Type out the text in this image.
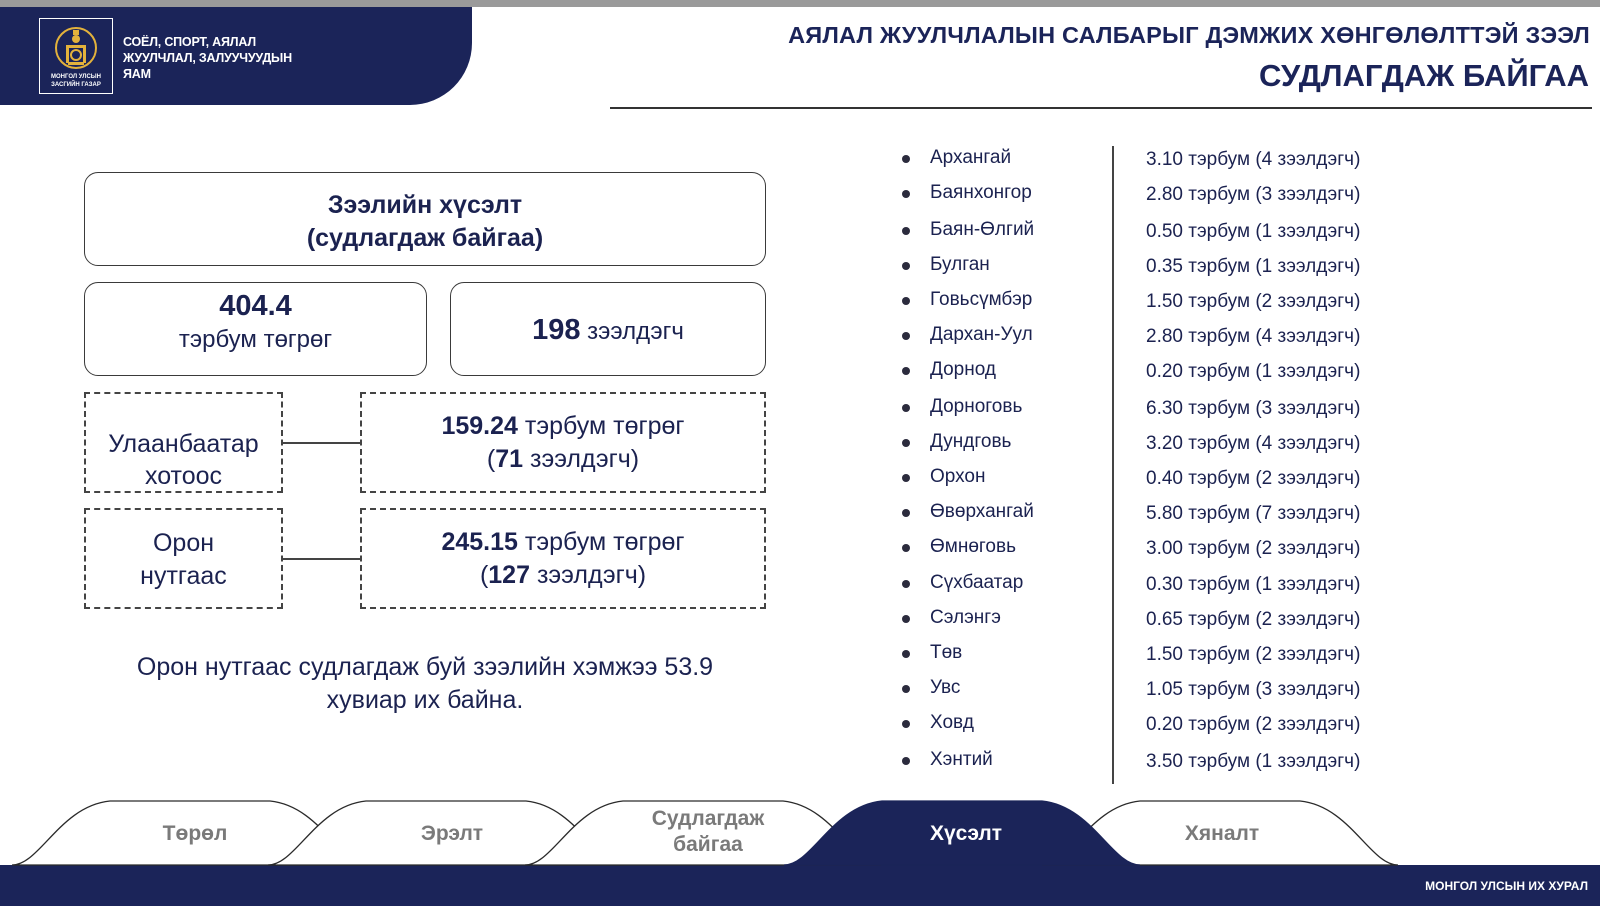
МОНГОЛ УЛСЫН
ЗАСГИЙН ГАЗАР
СОЁЛ, СПОРТ, АЯЛАЛ
ЖУУЛЧЛАЛ, ЗАЛУУЧУУДЫН
ЯАМ
АЯЛАЛ ЖУУЛЧЛАЛЫН САЛБАРЫГ ДЭМЖИХ ХӨНГӨЛӨЛТТЭЙ ЗЭЭЛ
СУДЛАГДАЖ БАЙГАА
Зээлийн хүсэлт
(судлагдаж байгаа)
404.4
тэрбум төгрөг	198 зээлдэгч
Улаанбаатар
хотоос
159.24 тэрбум төгрөг
(71 зээлдэгч)
Орон
нутгаас
245.15 тэрбум төгрөг
(127 зээлдэгч)
Орон нутгаас судлагдаж буй зээлийн хэмжээ 53.9 хувиар их байна.
Архангай	3.10 тэрбум (4 зээлдэгч)
Баянхонгор	2.80 тэрбум (3 зээлдэгч)
Баян-Өлгий	0.50 тэрбум (1 зээлдэгч)
Булган	0.35 тэрбум (1 зээлдэгч)
Говьсүмбэр	1.50 тэрбум (2 зээлдэгч)
Дархан-Уул	2.80 тэрбум (4 зээлдэгч)
Дорнод	0.20 тэрбум (1 зээлдэгч)
Дорноговь	6.30 тэрбум (3 зээлдэгч)
Дундговь	3.20 тэрбум (4 зээлдэгч)
Орхон	0.40 тэрбум (2 зээлдэгч)
Өвөрхангай	5.80 тэрбум (7 зээлдэгч)
Өмнөговь	3.00 тэрбум (2 зээлдэгч)
Сүхбаатар	0.30 тэрбум (1 зээлдэгч)
Сэлэнгэ	0.65 тэрбум (2 зээлдэгч)
Төв	1.50 тэрбум (2 зээлдэгч)
Увс	1.05 тэрбум (3 зээлдэгч)
Ховд	0.20 тэрбум (2 зээлдэгч)
Хэнтий	3.50 тэрбум (1 зээлдэгч)
МОНГОЛ УЛСЫН ИХ ХУРАЛ
Төрөл	Эрэлт
Судлагдаж
байгаа	Хүсэлт	Хяналт
